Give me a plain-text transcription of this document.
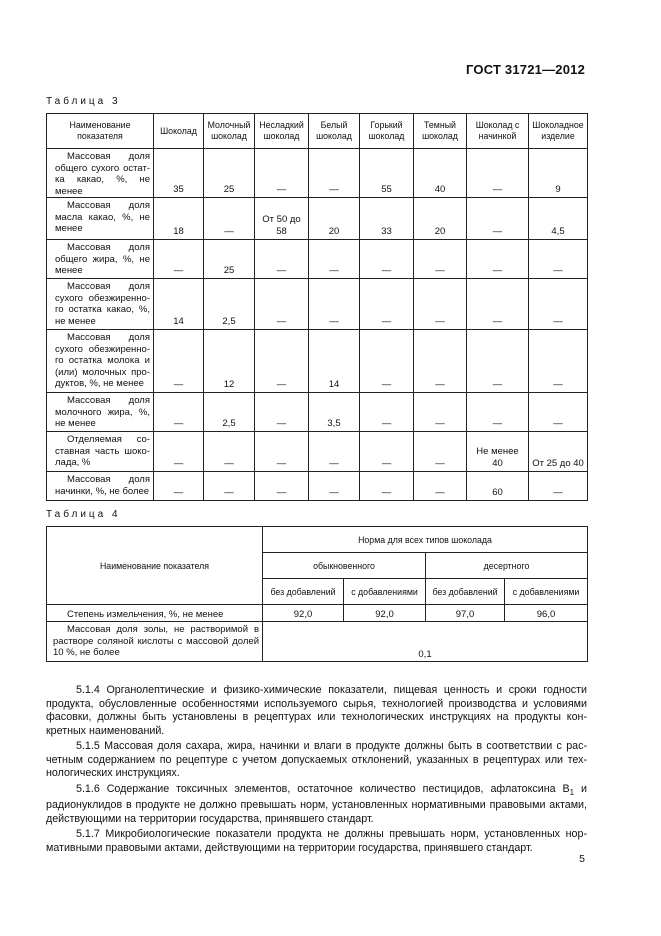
ГОСТ 31721—2012
Таблица 3
Наименование показателя	Шоколад	Молочный шоколад	Несладкий шоколад	Белый шоколад	Горький шоколад	Темный шоколад	Шоколад с начинкой	Шоколадное изделие
Массовая доля общего сухого остатка какао, %, не менее	35	25	—	—	55	40	—	9
Массовая доля масла какао, %, не менее	18	—	От 50 до 58	20	33	20	—	4,5
Массовая доля общего жира, %, не менее	—	25	—	—	—	—	—	—
Массовая доля сухого обезжиренного остатка какао, %, не менее	14	2,5	—	—	—	—	—	—
Массовая доля сухого обезжиренного остатка молока и (или) молочных продуктов, %, не менее	—	12	—	14	—	—	—	—
Массовая доля молочного жира, %, не менее	—	2,5	—	3,5	—	—	—	—
Отделяемая составная часть шоколада, %	—	—	—	—	—	—	Не менее 40	От 25 до 40
Массовая доля начинки, %, не более	—	—	—	—	—	—	60	—
Таблица 4
Наименование показателя	Норма для всех типов шоколада			
	обыкновенного		десертного	
	без добавлений	с добавлениями	без добавлений	с добавлениями
Степень измельчения, %, не менее	92,0	92,0	97,0	96,0
Массовая доля золы, не растворимой в растворе соляной кислоты с массовой долей 10 %, не более	0,1			

5.1.4 Органолептические и физико-химические показатели, пищевая ценность и сроки годности продукта, обусловленные особенностями используемого сырья, технологией производства и условиями фасовки, должны быть установлены в рецептурах или технологических инструкциях на продукты конкретных наименований.

5.1.5 Массовая доля сахара, жира, начинки и влаги в продукте должны быть в соответствии с расчетным содержанием по рецептуре с учетом допускаемых отклонений, указанных в рецептурах или технологических инструкциях.

5.1.6 Содержание токсичных элементов, остаточное количество пестицидов, афлатоксина $B_1$ и радионуклидов в продукте не должно превышать норм, установленных нормативными правовыми актами, действующими на территории государства, принявшего стандарт.

5.1.7 Микробиологические показатели продукта не должны превышать норм, установленных нормативными правовыми актами, действующими на территории государства, принявшего стандарт.

5
